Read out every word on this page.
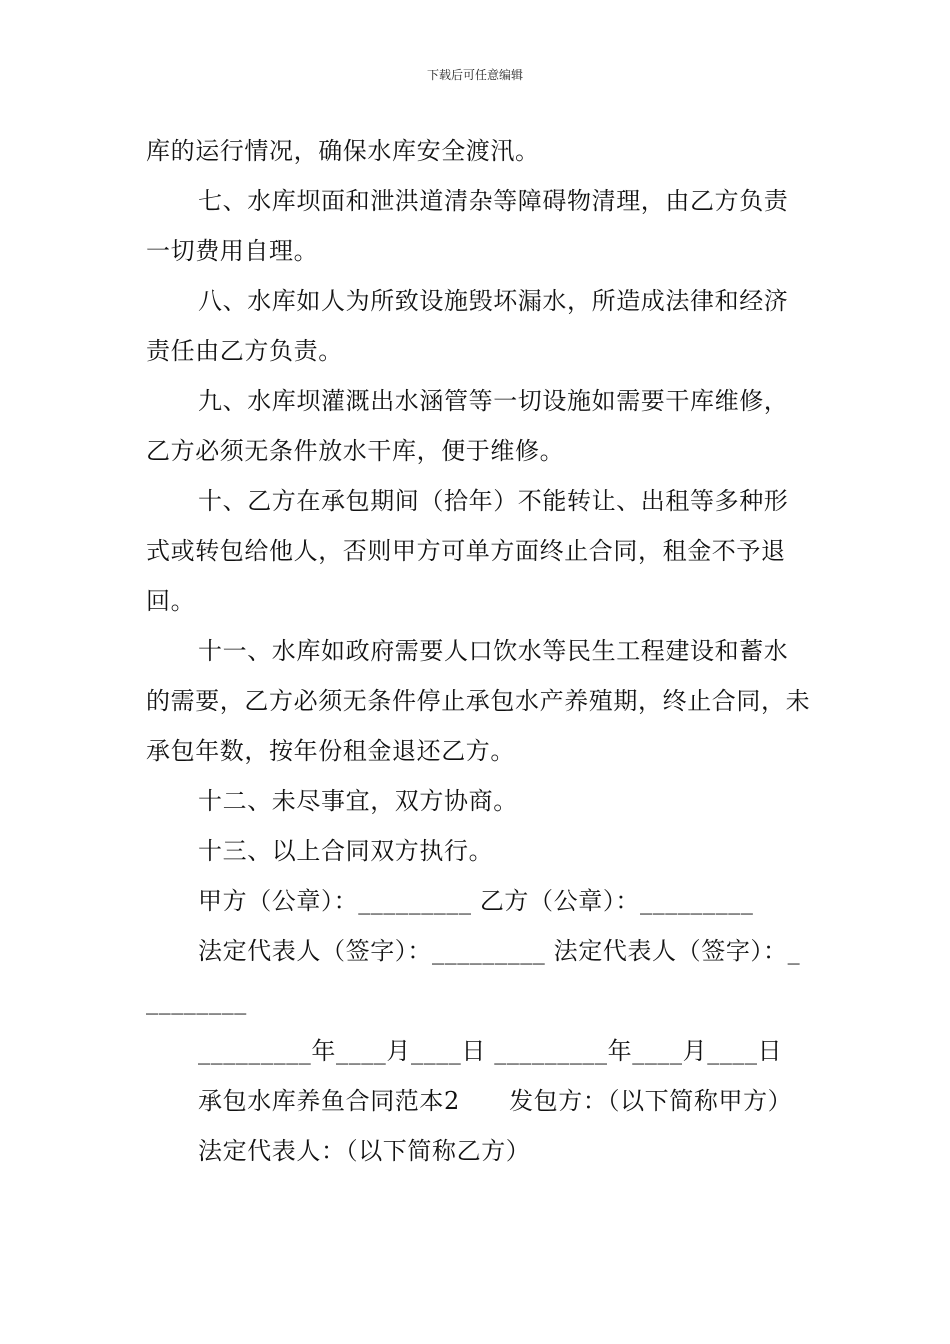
下载后可任意编辑

库的运行情况，确保水库安全渡汛。

七、水库坝面和泄洪道清杂等障碍物清理，由乙方负责一切费用自理。

八、水库如人为所致设施毁坏漏水，所造成法律和经济责任由乙方负责。

九、水库坝灌溉出水涵管等一切设施如需要干库维修，乙方必须无条件放水干库，便于维修。

十、乙方在承包期间（拾年）不能转让、出租等多种形式或转包给他人，否则甲方可单方面终止合同，租金不予退回。

十一、水库如政府需要人口饮水等民生工程建设和蓄水的需要，乙方必须无条件停止承包水产养殖期，终止合同，未承包年数，按年份租金退还乙方。

十二、未尽事宜，双方协商。

十三、以上合同双方执行。

甲方（公章）：_________ 乙方（公章）：_________

法定代表人（签字）：_________ 法定代表人（签字）：_________

_________年____月____日 _________年____月____日

承包水库养鱼合同范本2　　发包方：（以下简称甲方）

法定代表人：（以下简称乙方）
